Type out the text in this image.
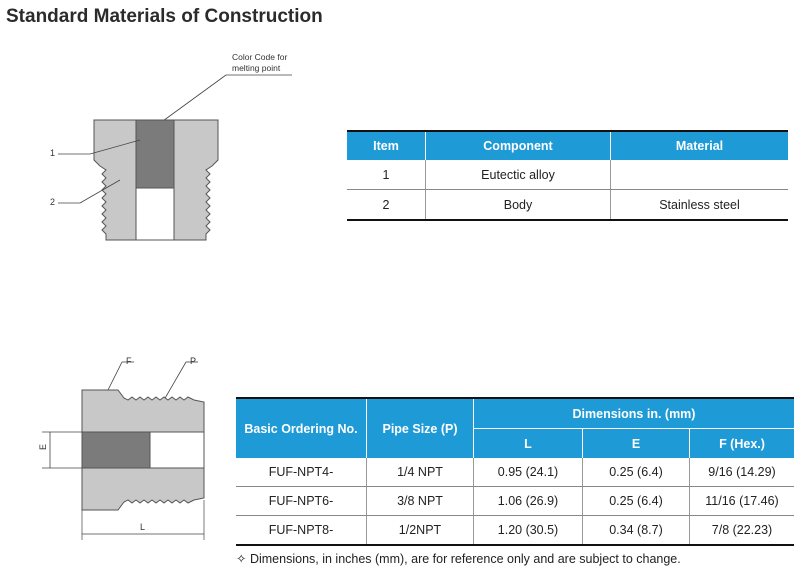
Standard Materials of Construction
Color Code for
melting point
1
2
F	P
E
L
Item	Component	Material
1	Eutectic alloy	
2	Body	Stainless steel
Basic Ordering No.	Pipe Size (P)	Dimensions in. (mm)		
		L	E	F (Hex.)
FUF-NPT4-	1/4 NPT	0.95 (24.1)	0.25 (6.4)	9/16 (14.29)
FUF-NPT6-	3/8 NPT	1.06 (26.9)	0.25 (6.4)	11/16 (17.46)
FUF-NPT8-	1/2NPT	1.20 (30.5)	0.34 (8.7)	7/8 (22.23)
✧ Dimensions, in inches (mm), are for reference only and are subject to change.
